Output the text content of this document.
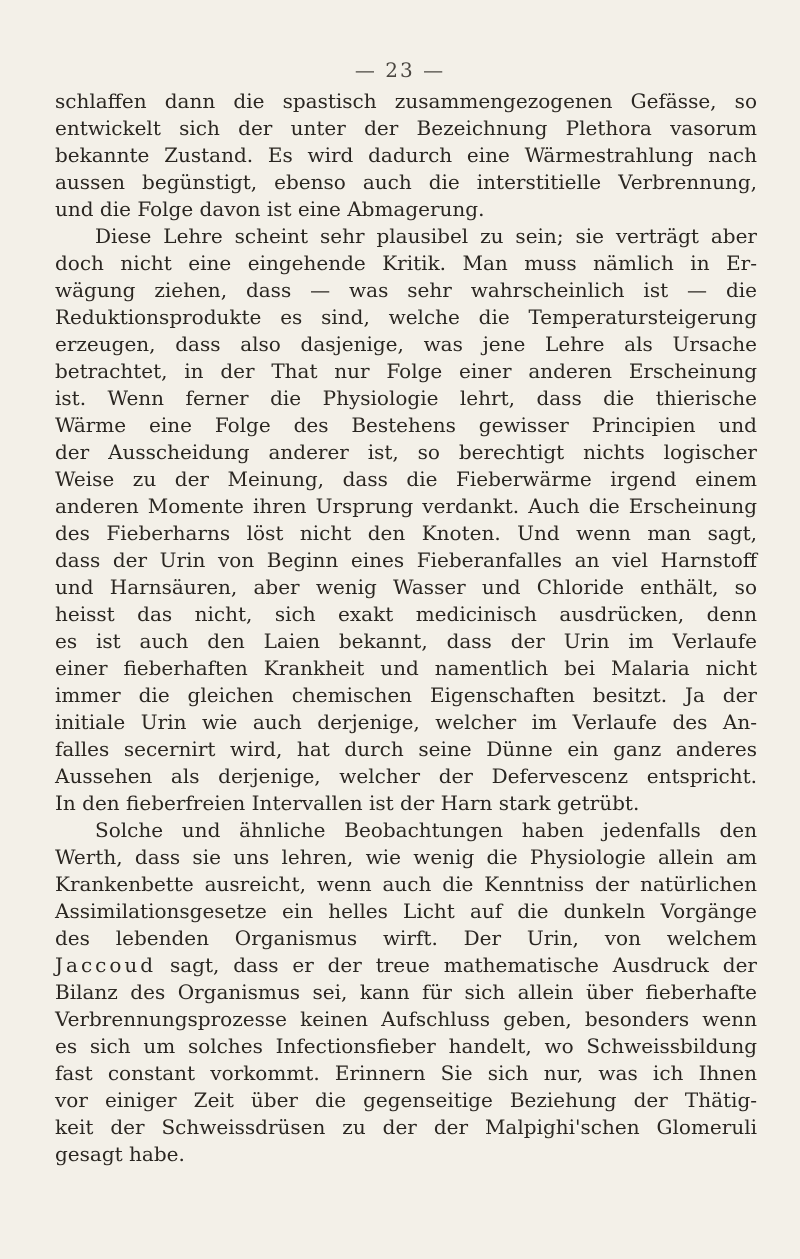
— 23 —
schlaffen dann die spastisch zusammengezogenen Gefässe, so
entwickelt sich der unter der Bezeichnung Plethora vasorum
bekannte Zustand. Es wird dadurch eine Wärmestrahlung nach
aussen begünstigt, ebenso auch die interstitielle Verbrennung,
und die Folge davon ist eine Abmagerung.
Diese Lehre scheint sehr plausibel zu sein; sie verträgt aber
doch nicht eine eingehende Kritik. Man muss nämlich in Er-
wägung ziehen, dass — was sehr wahrscheinlich ist — die
Reduktionsprodukte es sind, welche die Temperatursteigerung
erzeugen, dass also dasjenige, was jene Lehre als Ursache
betrachtet, in der That nur Folge einer anderen Erscheinung
ist. Wenn ferner die Physiologie lehrt, dass die thierische
Wärme eine Folge des Bestehens gewisser Principien und
der Ausscheidung anderer ist, so berechtigt nichts logischer
Weise zu der Meinung, dass die Fieberwärme irgend einem
anderen Momente ihren Ursprung verdankt. Auch die Erscheinung
des Fieberharns löst nicht den Knoten. Und wenn man sagt,
dass der Urin von Beginn eines Fieberanfalles an viel Harnstoff
und Harnsäuren, aber wenig Wasser und Chloride enthält, so
heisst das nicht, sich exakt medicinisch ausdrücken, denn
es ist auch den Laien bekannt, dass der Urin im Verlaufe
einer fieberhaften Krankheit und namentlich bei Malaria nicht
immer die gleichen chemischen Eigenschaften besitzt. Ja der
initiale Urin wie auch derjenige, welcher im Verlaufe des An-
falles secernirt wird, hat durch seine Dünne ein ganz anderes
Aussehen als derjenige, welcher der Defervescenz entspricht.
In den fieberfreien Intervallen ist der Harn stark getrübt.
Solche und ähnliche Beobachtungen haben jedenfalls den
Werth, dass sie uns lehren, wie wenig die Physiologie allein am
Krankenbette ausreicht, wenn auch die Kenntniss der natürlichen
Assimilationsgesetze ein helles Licht auf die dunkeln Vorgänge
des lebenden Organismus wirft. Der Urin, von welchem
Jaccoud sagt, dass er der treue mathematische Ausdruck der
Bilanz des Organismus sei, kann für sich allein über fieberhafte
Verbrennungsprozesse keinen Aufschluss geben, besonders wenn
es sich um solches Infectionsfieber handelt, wo Schweissbildung
fast constant vorkommt. Erinnern Sie sich nur, was ich Ihnen
vor einiger Zeit über die gegenseitige Beziehung der Thätig-
keit der Schweissdrüsen zu der der Malpighi'schen Glomeruli
gesagt habe.
